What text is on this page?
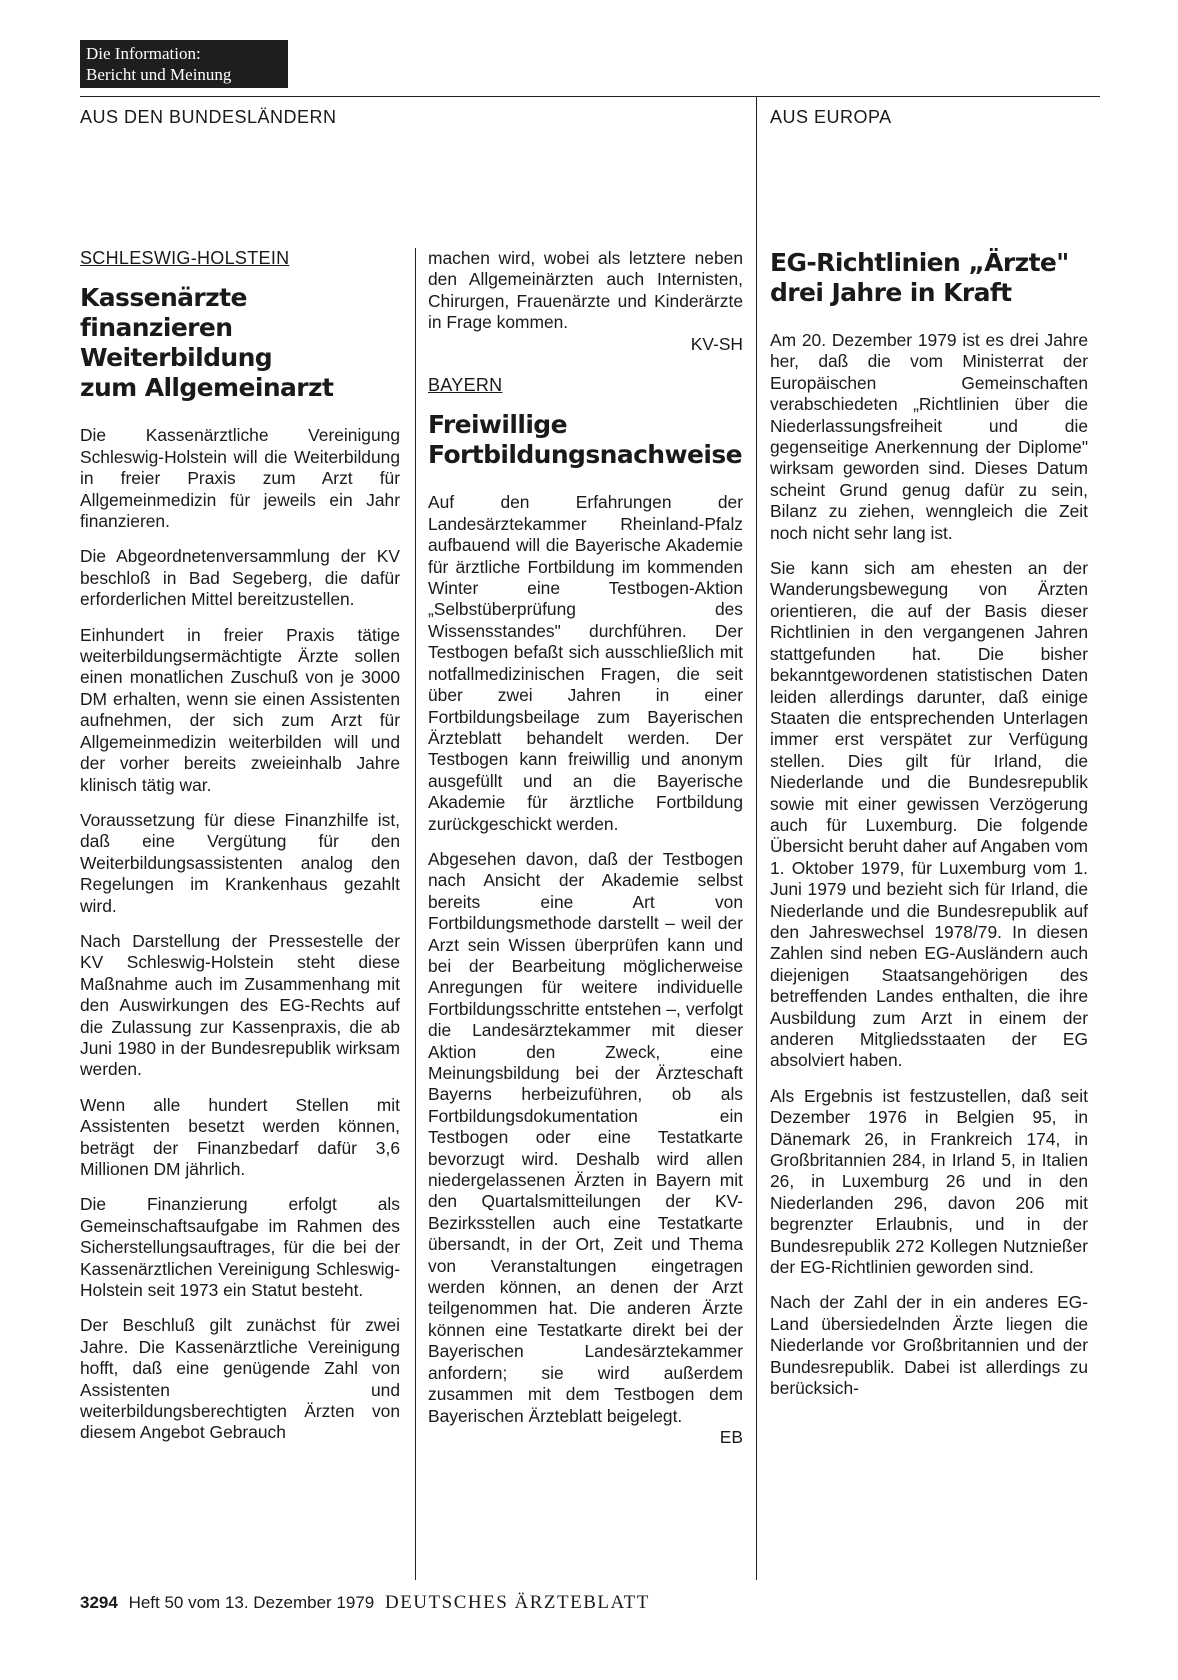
Die Information:
Bericht und Meinung
AUS DEN BUNDESLÄNDERN	AUS EUROPA
SCHLESWIG-HOLSTEIN
Kassenärzte finanzieren
Weiterbildung
zum Allgemeinarzt

Die Kassenärztliche Vereinigung Schleswig-Holstein will die Weiterbildung in freier Praxis zum Arzt für Allgemeinmedizin für jeweils ein Jahr finanzieren.

Die Abgeordnetenversammlung der KV beschloß in Bad Segeberg, die dafür erforderlichen Mittel bereitzustellen.

Einhundert in freier Praxis tätige weiterbildungsermächtigte Ärzte sollen einen monatlichen Zuschuß von je 3000 DM erhalten, wenn sie einen Assistenten aufnehmen, der sich zum Arzt für Allgemeinmedizin weiterbilden will und der vorher bereits zweieinhalb Jahre klinisch tätig war.

Voraussetzung für diese Finanzhilfe ist, daß eine Vergütung für den Weiterbildungsassistenten analog den Regelungen im Krankenhaus gezahlt wird.

Nach Darstellung der Pressestelle der KV Schleswig-Holstein steht diese Maßnahme auch im Zusammenhang mit den Auswirkungen des EG-Rechts auf die Zulassung zur Kassenpraxis, die ab Juni 1980 in der Bundesrepublik wirksam werden.

Wenn alle hundert Stellen mit Assistenten besetzt werden können, beträgt der Finanzbedarf dafür 3,6 Millionen DM jährlich.

Die Finanzierung erfolgt als Gemeinschaftsaufgabe im Rahmen des Sicherstellungsauftrages, für die bei der Kassenärztlichen Vereinigung Schleswig-Holstein seit 1973 ein Statut besteht.

Der Beschluß gilt zunächst für zwei Jahre. Die Kassenärztliche Vereinigung hofft, daß eine genügende Zahl von Assistenten und weiterbildungsberechtigten Ärzten von diesem Angebot Gebrauch

machen wird, wobei als letztere neben den Allgemeinärzten auch Internisten, Chirurgen, Frauenärzte und Kinderärzte in Frage kommen.
KV-SH

BAYERN
Freiwillige
Fortbildungsnachweise

Auf den Erfahrungen der Landesärztekammer Rheinland-Pfalz aufbauend will die Bayerische Akademie für ärztliche Fortbildung im kommenden Winter eine Testbogen-Aktion „Selbstüberprüfung des Wissensstandes" durchführen. Der Testbogen befaßt sich ausschließlich mit notfallmedizinischen Fragen, die seit über zwei Jahren in einer Fortbildungsbeilage zum Bayerischen Ärzteblatt behandelt werden. Der Testbogen kann freiwillig und anonym ausgefüllt und an die Bayerische Akademie für ärztliche Fortbildung zurückgeschickt werden.

Abgesehen davon, daß der Testbogen nach Ansicht der Akademie selbst bereits eine Art von Fortbildungsmethode darstellt – weil der Arzt sein Wissen überprüfen kann und bei der Bearbeitung möglicherweise Anregungen für weitere individuelle Fortbildungsschritte entstehen –, verfolgt die Landesärztekammer mit dieser Aktion den Zweck, eine Meinungsbildung bei der Ärzteschaft Bayerns herbeizuführen, ob als Fortbildungsdokumentation ein Testbogen oder eine Testatkarte bevorzugt wird. Deshalb wird allen niedergelassenen Ärzten in Bayern mit den Quartalsmitteilungen der KV-Bezirksstellen auch eine Testatkarte übersandt, in der Ort, Zeit und Thema von Veranstaltungen eingetragen werden können, an denen der Arzt teilgenommen hat. Die anderen Ärzte können eine Testatkarte direkt bei der Bayerischen Landesärztekammer anfordern; sie wird außerdem zusammen mit dem Testbogen dem Bayerischen Ärzteblatt beigelegt.
EB

EG-Richtlinien „Ärzte"
drei Jahre in Kraft

Am 20. Dezember 1979 ist es drei Jahre her, daß die vom Ministerrat der Europäischen Gemeinschaften verabschiedeten „Richtlinien über die Niederlassungsfreiheit und die gegenseitige Anerkennung der Diplome" wirksam geworden sind. Dieses Datum scheint Grund genug dafür zu sein, Bilanz zu ziehen, wenngleich die Zeit noch nicht sehr lang ist.

Sie kann sich am ehesten an der Wanderungsbewegung von Ärzten orientieren, die auf der Basis dieser Richtlinien in den vergangenen Jahren stattgefunden hat. Die bisher bekanntgewordenen statistischen Daten leiden allerdings darunter, daß einige Staaten die entsprechenden Unterlagen immer erst verspätet zur Verfügung stellen. Dies gilt für Irland, die Niederlande und die Bundesrepublik sowie mit einer gewissen Verzögerung auch für Luxemburg. Die folgende Übersicht beruht daher auf Angaben vom 1. Oktober 1979, für Luxemburg vom 1. Juni 1979 und bezieht sich für Irland, die Niederlande und die Bundesrepublik auf den Jahreswechsel 1978/79. In diesen Zahlen sind neben EG-Ausländern auch diejenigen Staatsangehörigen des betreffenden Landes enthalten, die ihre Ausbildung zum Arzt in einem der anderen Mitgliedsstaaten der EG absolviert haben.

Als Ergebnis ist festzustellen, daß seit Dezember 1976 in Belgien 95, in Dänemark 26, in Frankreich 174, in Großbritannien 284, in Irland 5, in Italien 26, in Luxemburg 26 und in den Niederlanden 296, davon 206 mit begrenzter Erlaubnis, und in der Bundesrepublik 272 Kollegen Nutznießer der EG-Richtlinien geworden sind.

Nach der Zahl der in ein anderes EG-Land übersiedelnden Ärzte liegen die Niederlande vor Großbritannien und der Bundesrepublik. Dabei ist allerdings zu berücksich-

3294 Heft 50 vom 13. Dezember 1979 DEUTSCHES ÄRZTEBLATT
